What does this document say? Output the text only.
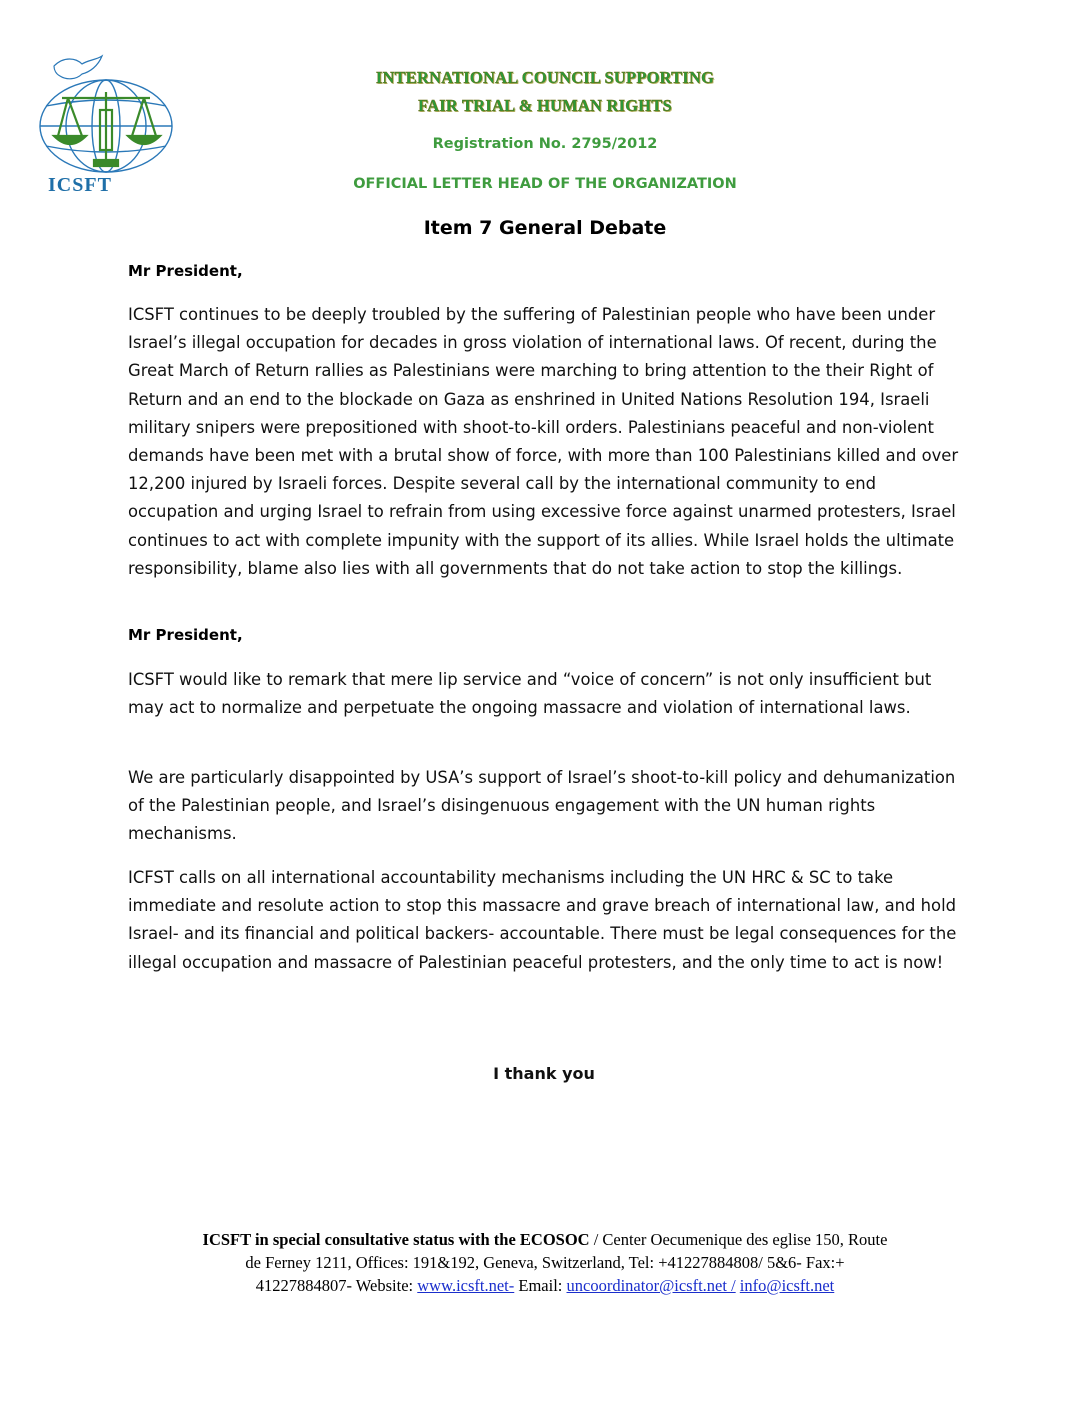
ICSFT
INTERNATIONAL COUNCIL SUPPORTING
FAIR TRIAL & HUMAN RIGHTS
Registration No. 2795/2012
OFFICIAL LETTER HEAD OF THE ORGANIZATION
Item 7 General Debate
Mr President,
ICSFT continues to be deeply troubled by the suffering of Palestinian people who have been under Israel’s illegal occupation for decades in gross violation of international laws. Of recent, during the Great March of Return rallies as Palestinians were marching to bring attention to the their Right of Return and an end to the blockade on Gaza as enshrined in United Nations Resolution 194, Israeli military snipers were prepositioned with shoot-to-kill orders. Palestinians peaceful and non-violent demands have been met with a brutal show of force, with more than 100 Palestinians killed and over 12,200 injured by Israeli forces. Despite several call by the international community to end occupation and urging Israel to refrain from using excessive force against unarmed protesters, Israel continues to act with complete impunity with the support of its allies. While Israel holds the ultimate responsibility, blame also lies with all governments that do not take action to stop the killings.
Mr President,
ICSFT would like to remark that mere lip service and “voice of concern” is not only insufficient but may act to normalize and perpetuate the ongoing massacre and violation of international laws.
We are particularly disappointed by USA’s support of Israel’s shoot-to-kill policy and dehumanization of the Palestinian people, and Israel’s disingenuous engagement with the UN human rights mechanisms.
ICFST calls on all international accountability mechanisms including the UN HRC & SC to take immediate and resolute action to stop this massacre and grave breach of international law, and hold Israel- and its financial and political backers- accountable. There must be legal consequences for the illegal occupation and massacre of Palestinian peaceful protesters, and the only time to act is now!
I thank you
ICSFT in special consultative status with the ECOSOC / Center Oecumenique des eglise 150, Route
de Ferney 1211, Offices: 191&192, Geneva, Switzerland, Tel: +41227884808/ 5&6- Fax:+
41227884807- Website: www.icsft.net- Email: uncoordinator@icsft.net / info@icsft.net
